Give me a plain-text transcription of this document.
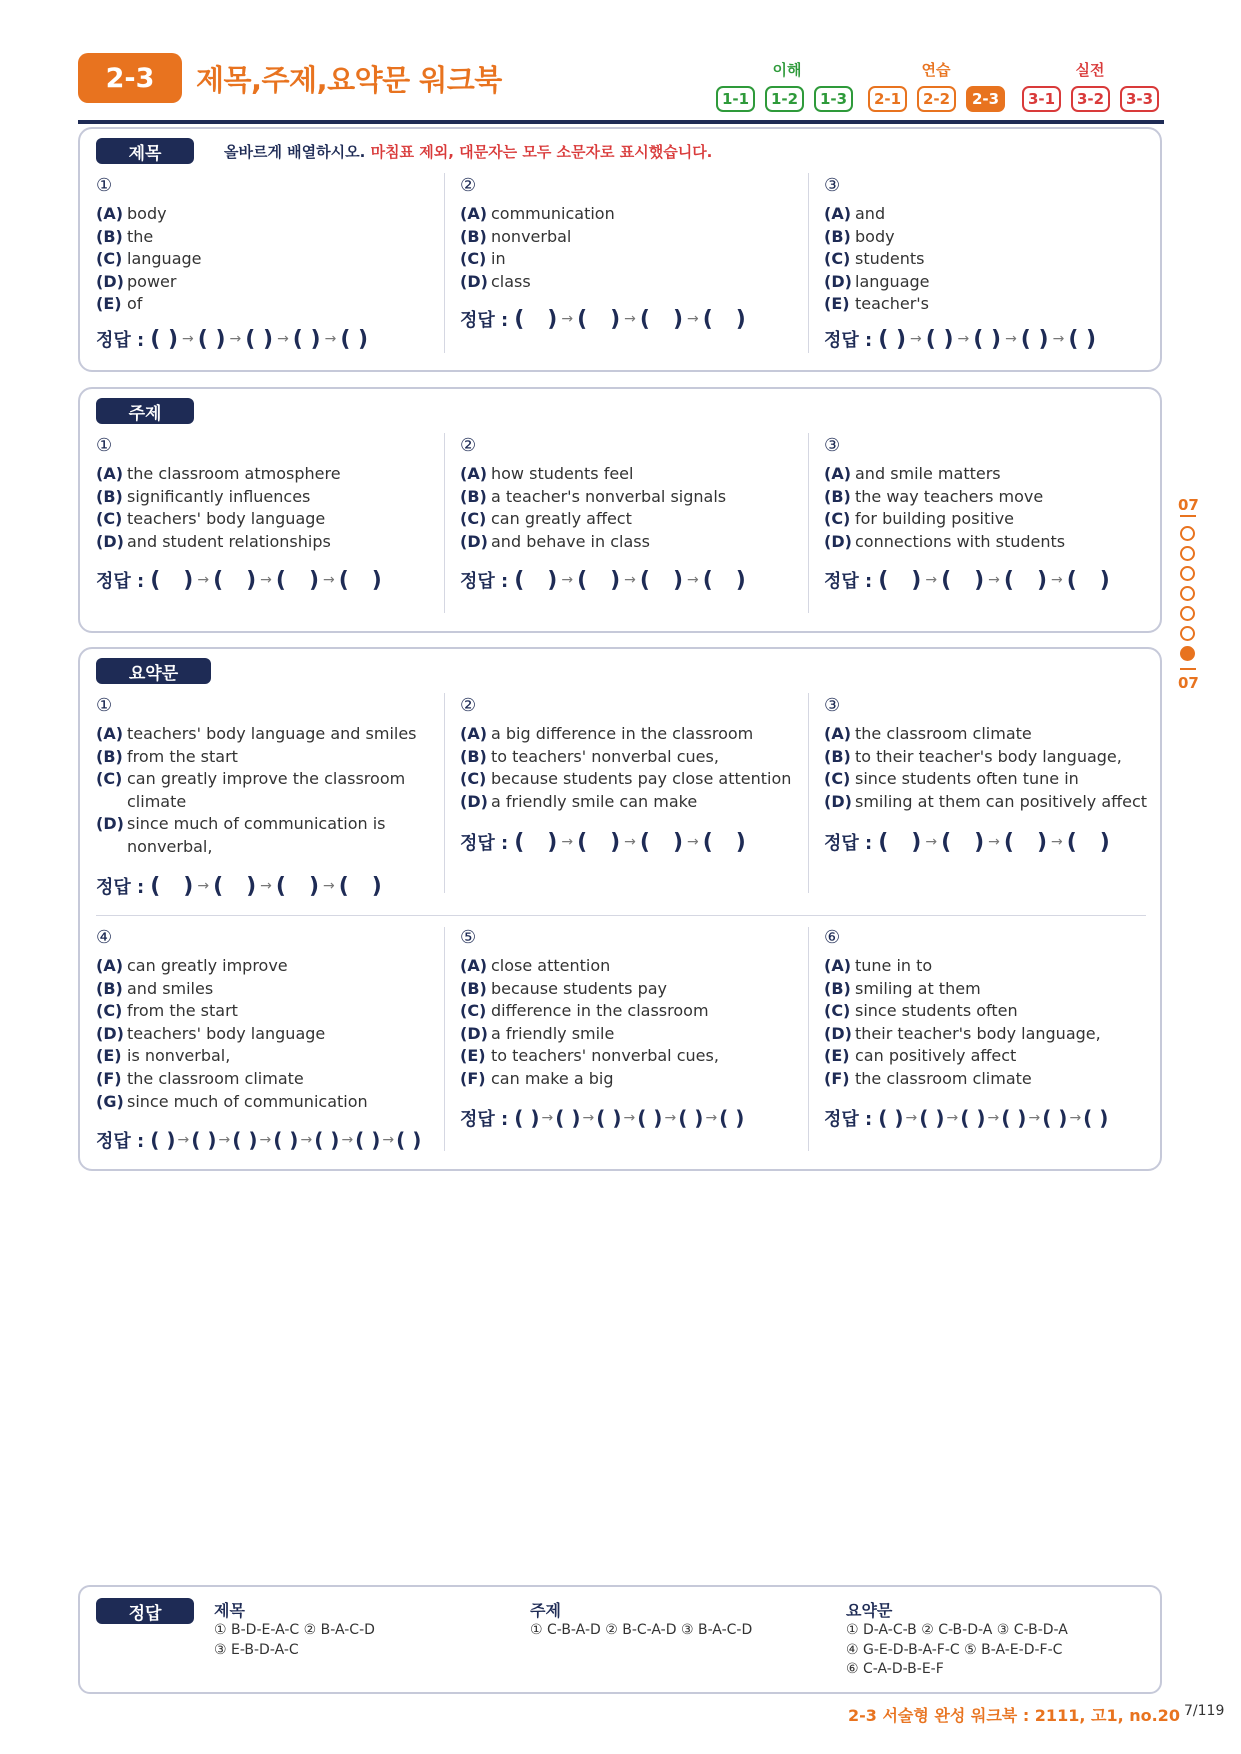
2-3	제목,주제,요약문 워크북	이해	연습	실전
1-1	1-2	1-3	2-1	2-2	2-3	3-1	3-2	3-3
제목	올바르게 배열하시오. 마침표 제외, 대문자는 모두 소문자로 표시했습니다.
①
(A) body
(B) the
(C) language
(D) power
(E) of
정답 : ( ) → ( ) → ( ) → ( ) → ( )
②
(A) communication
(B) nonverbal
(C) in
(D) class
정답 : (   ) → (   ) → (   ) → (   )
③
(A) and
(B) body
(C) students
(D) language
(E) teacher's
정답 : ( ) → ( ) → ( ) → ( ) → ( )
주제
①
(A) the classroom atmosphere
(B) significantly influences
(C) teachers' body language
(D) and student relationships
정답 : (   ) → (   ) → (   ) → (   )
②
(A) how students feel
(B) a teacher's nonverbal signals
(C) can greatly affect
(D) and behave in class
정답 : (   ) → (   ) → (   ) → (   )
③
(A) and smile matters
(B) the way teachers move
(C) for building positive
(D) connections with students
정답 : (   ) → (   ) → (   ) → (   )
요약문
①
(A) teachers' body language and smiles
(B) from the start
(C) can greatly improve the classroom climate
(D) since much of communication is nonverbal,
정답 : (   ) → (   ) → (   ) → (   )
②
(A) a big difference in the classroom
(B) to teachers' nonverbal cues,
(C) because students pay close attention
(D) a friendly smile can make
정답 : (   ) → (   ) → (   ) → (   )
③
(A) the classroom climate
(B) to their teacher's body language,
(C) since students often tune in
(D) smiling at them can positively affect
정답 : (   ) → (   ) → (   ) → (   )
④
(A) can greatly improve
(B) and smiles
(C) from the start
(D) teachers' body language
(E) is nonverbal,
(F) the classroom climate
(G) since much of communication
정답 : ( ) → ( ) → ( ) → ( ) → ( ) → ( ) → ( )
⑤
(A) close attention
(B) because students pay
(C) difference in the classroom
(D) a friendly smile
(E) to teachers' nonverbal cues,
(F) can make a big
정답 : ( ) → ( ) → ( ) → ( ) → ( ) → ( )
⑥
(A) tune in to
(B) smiling at them
(C) since students often
(D) their teacher's body language,
(E) can positively affect
(F) the classroom climate
정답 : ( ) → ( ) → ( ) → ( ) → ( ) → ( )
07
07
정답	제목
① B-D-E-A-C ② B-A-C-D
③ E-B-D-A-C
주제
① C-B-A-D ② B-C-A-D ③ B-A-C-D
요약문
① D-A-C-B ② C-B-D-A ③ C-B-D-A
④ G-E-D-B-A-F-C ⑤ B-A-E-D-F-C
⑥ C-A-D-B-E-F
2-3 서술형 완성 워크북 : 2111, 고1, no.20 7/119
